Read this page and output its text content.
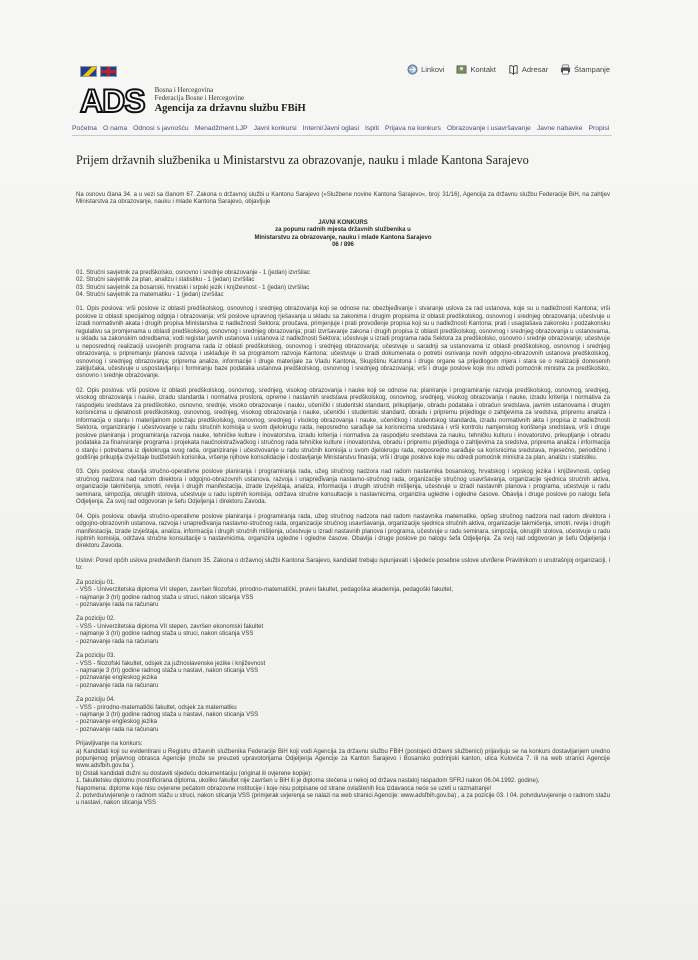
Linkovi	Kontakt	Adresar	Štampanje
ADS Bosna i Hercegovina
Federacija Bosne i Hercegovine
Agencija za državnu službu FBiH
Početna O nama Odnosi s javnošću Menadžment LJP Javni konkursi Interni/Javni oglasi Ispiti Prijava na konkurs Obrazovanje i usavršavanje Javne nabavke Propisi
Prijem državnih službenika u Ministarstvu za obrazovanje, nauku i mlade Kantona Sarajevo

Na osnovu člana 34. a u vezi sa članom 67. Zakona o državnoj službi u Kantonu Sarajevo (»Službene novine Kantona Sarajevo«, broj: 31/16), Agencija za državnu službu Federacije BiH, na zahtjev Ministarstva za obrazovanje, nauku i mlade Kantona Sarajevo, objavljuje

JAVNI KONKURS
za popunu radnih mjesta državnih službenika u
Ministarstvu za obrazovanje, nauku i mlade Kantona Sarajevo
06 / 896
01. Stručni savjetnik za predškolsko, osnovno i srednje obrazovanje - 1 (jedan) izvršilac
02. Stručni savjetnik za plan, analizu i statistiku - 1 (jedan) izvršilac
03. Stručni savjetnik za bosanski, hrvatski i srpski jezik i književnost - 1 (jedan) izvršilac
04. Stručni savjetnik za matematiku - 1 (jedan) izvršilac

01. Opis poslova: vrši poslove iz oblasti predškolskog, osnovnog i srednjeg obrazovanja koji se odnose na: obezbjeđivanje i stvaranje uslova za rad ustanova, koje su u nadležnosti Kantona; vrši poslove iz oblasti specijalnog odgoja i obrazovanja; vrši poslove upravnog rješavanja u skladu sa zakonima i drugim propisima iz oblasti predškolskog, osnovnog i srednjeg obrazovanja; učestvuje u izradi normativnih akata i drugih propisa Ministarstva iz nadležnosti Sektora; proučava, primjenjuje i prati provođenje propisa koji su u nadležnosti Kantona; prati i usaglašava zakonsku i podzakonsku regulativu sa promjenama u oblasti predškolskog, osnovnog i srednjeg obrazovanja; prati izvršavanje zakona i drugih propisa iz oblasti predškolskog, osnovnog i srednjeg obrazovanja u ustanovama, u skladu sa zakonskim odredbama; vodi registar javnih ustanova i ustanova iz nadležnosti Sektora; učestvuje u izradi programa rada Sektora za predškolsko, osnovno i srednje obrazovanje; učestvuje u neposrednoj realizaciji usvojenih programa rada iz oblasti predškolskog, osnovnog i srednjeg obrazovanja; učestvuje u saradnji sa ustanovama iz oblasti predškolskog, osnovnog i srednjeg obrazovanja, u pripremanju planova razvoja i usklađuje ih sa programom razvoja Kantona; učestvuje u izradi dokumenata o potrebi osnivanja novih odgojno-obrazovnih ustanova predškolskog, osnovnog i srednjeg obrazovanja; priprema analize, informacije i druge materijale za Vladu Kantona, Skupštinu Kantona i druge organe sa prijedlogom mjera i stara se o realizaciji donesenih zaključaka, učestvuje u uspostavljanju i formiranju baze podataka ustanova predškolskog, osnovnog i srednjeg obrazovanja; vrši i druge poslove koje mu odredi pomoćnik ministra za predškolsko, osnovno i srednje obrazovanje.

02. Opis poslova: vrši poslove iz oblasti predškolskog, osnovnog, srednjeg, visokog obrazovanja i nauke koji se odnose na: planiranje i programiranje razvoja predškolskog, osnovnog, srednjeg, visokog obrazovanja i nauke, izradu standarda i normativa prostora, opreme i nastavnih sredstava predškolskog, osnovnog, srednjeg, visokog obrazovanja i nauke, izradu kriterija i normativa za raspodjelu sredstava za predškolsko, osnovno, srednje, visoko obrazovanje i nauku, učenički i studentski standard, prikupljanje, obradu podataka i obračun sredstava, javnim ustanovama i drugim korisnicima u djelatnosti predškolskog, osnovnog, srednjeg, visokog obrazovanja i nauke, učenički i studentski standard, obradu i pripremu prijedloge o zahtjevima za sredstva, pripremu analiza i informacija o stanju i materijalnom položaju predškolskog, osnovnog, srednjeg i visokog obrazovanja i nauke, učeničkog i studentskog standarda, izradu normativnih akta i propisa iz nadležnosti Sektora, organiziranje i učestvovanje u radu stručnih komisija u svom djelokrugu rada, neposredno sarađuje sa korisnicima sredstava i vrši kontrolu namjenskog korištenja sredstava, vrši i druge poslove planiranja i programiranja razvoja nauke, tehničke kulture i inovatorstva, izradu kriterija i normativa za raspodjelu sredstava za nauku, tehničku kulturu i inovatorstvo, prikupljanje i obradu podataka za finansiranje programa i projekata naučnoistraživačkog i stručnog rada tehničke kulture i inovatorstva, obradu i pripremu prijedloga o zahtjevima za sredstva, priprema analiza i informacija o stanju i potrebama iz djelokruga svog rada, organiziranje i učestvovanje u radu stručnih komisija u svom djelokrugu rada, neposredno sarađuje sa korisnicima sredstava, mjesečno, periodično i godišnje prikuplja izvještaje budžetskih korisnika, vršenje njihove konsolidacije i dostavljanje Ministarstvu finasija; vrši i druge poslove koje mu odredi pomoćnik ministra za plan, analizu i statistiku.

03. Opis poslova: obavlja stručno-operativne poslove planiranja i programiranja rada, užeg stručnog nadzora nad radom nastavnika bosanskog, hrvatskog i srpskog jezika i književnosti, opšeg stručnog nadzora nad radom direktora i odgojno-obrazovnih ustanova, razvoja i unapređivanja nastavno-stručnog rada, organizacije stručnog usavršavanja, organizacije sjednica stručnih aktiva, organizacije takmičenja, smotri, revija i drugih manifestacija, izrade izvještaja, analiza, informacija i drugih stručnih mišljenja, učestvuje u izradi nastavnih planova i programa, učestvuje u radu seminara, simpozija, okruglih stolova, učestvuje u radu ispitnih komisija, održava stručne konsultacije s nastavnicima, organizira ugledne i oglednе časove. Obavlja i druge poslove po nalogu šefa Odjeljenja. Za svoj rad odgovoran je šefu Odjeljenja i direktoru Zavoda.

04. Opis poslova: obavlja stručno-operativne poslove planiranja i programiranja rada, užeg stručnog nadzora nad radom nastavnika matematike, opšeg stručnog nadzora nad radom direktora i odgojno-obrazovnih ustanova, razvoja i unapređivanja nastavno-stručnog rada, organizacije stručnog usavršavanja, organizacije sjednica stručnih aktiva, organizacije takmičenja, smotri, revija i drugih manifestacija, izrade izvještaja, analiza, informacija i drugih stručnih mišljenja, učestvuje u izradi nastavnih planova i programa, učestvuje u radu seminara, simpozija, okruglih stolova, učestvuje u radu ispitnih komisija, održava stručne konsultacije s nastavnicima, organizira ugledne i oglednе časove. Obavlja i druge poslove po nalogu šefa Odjeljenja. Za svoj rad odgovoran je šefu Odjeljenja i direktoru Zavoda.

Uslovi: Pored općih uslova predviđenih članom 35. Zakona o državnoj službi Kantona Sarajevo, kandidati trebaju ispunjavati i sljedeće posebne uslove utvrđene Pravilnikom o unutrašnjoj organizaciji, i to:

Za poziciju 01.
- VSS - Univerzitetska diploma VII stepen, završen filozofski, prirodno-matematički, pravni fakultet, pedagoška akademija, pedagoški fakultet,
- najmanje 3 (tri) godine radnog staža u struci, nakon sticanja VSS
- poznavanje rada na računaru
Za poziciju 02.
- VSS - Univerzitetska diploma VII stepen, završen ekonomski fakultet
- najmanje 3 (tri) godine radnog staža u struci, nakon sticanja VSS
- poznavanje rada na računaru
Za poziciju 03.
- VSS - filozofski fakultet, odsjek za južnoslavenske jezike i književnost
- najmanje 3 (tri) godine radnog staža u nastavi, nakon sticanja VSS
- poznavanje engleskog jezika
- poznavanje rada na računaru
Za poziciju 04.
- VSS - prirodno-matematički fakultet, odsjek za matematiku
- najmanje 3 (tri) godine radnog staža u nastavi, nakon sticanja VSS
- poznavanje engleskog jezika
- poznavanje rada na računaru
Prijavljivanje na konkurs:
a) Kandidati koji su evidentirani u Registru državnih službenika Federacije BiH koji vodi Agencija za državnu službu FBiH (postojeći državni službenici) prijavljuju se na konkurs dostavljanjem uredno popunjenog prijavnog obrasca Agencije (može se preuzeti upravotorijama Odjeljenja Agencije za Kanton Sarajevo i Bosansko podrinjski kanton, ulica Kulovića 7. ili na web stranici Agencije www.adsfbih.gov.ba ).
b) Ostali kandidati dužni su dostaviti sljedeću dokumentaciju (original ili ovjerene kopije):
1. fakultetsku diplomu (nostrificirana diploma, ukoliko fakultet nije završen u BiH ili je diploma stečena u nekoj od država nastaloj raspadom SFRJ nakon 06.04.1992. godine),
Napomena: diplome koje nisu ovjerene pečatom obrazovne institucije i koje nisu potpisane od strane ovlaštenih lica izdavaoca neće se uzeti u razmatranje!
2. potvrdu/uvjerenje o radnom stažu u struci, nakon sticanja VSS (primjerak uvjerenja se nalazi na web stranici Agencije: www.adsfbih.gov.ba) , a za pozicije 03. I 04. potvrdu/uvjerenje o radnom stažu u nastavi, nakon sticanja VSS
